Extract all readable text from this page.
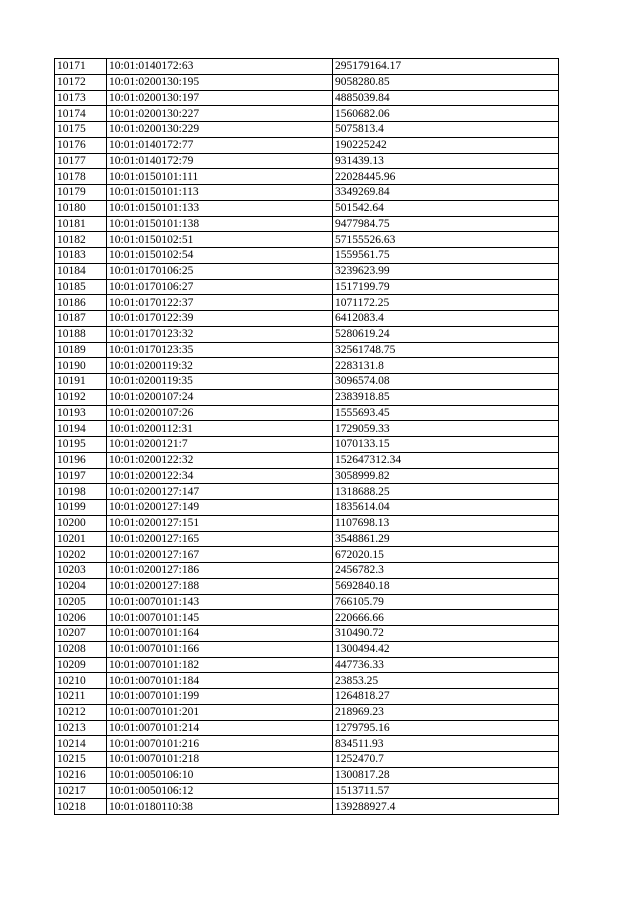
10171	10:01:0140172:63	295179164.17
10172	10:01:0200130:195	9058280.85
10173	10:01:0200130:197	4885039.84
10174	10:01:0200130:227	1560682.06
10175	10:01:0200130:229	5075813.4
10176	10:01:0140172:77	190225242
10177	10:01:0140172:79	931439.13
10178	10:01:0150101:111	22028445.96
10179	10:01:0150101:113	3349269.84
10180	10:01:0150101:133	501542.64
10181	10:01:0150101:138	9477984.75
10182	10:01:0150102:51	57155526.63
10183	10:01:0150102:54	1559561.75
10184	10:01:0170106:25	3239623.99
10185	10:01:0170106:27	1517199.79
10186	10:01:0170122:37	1071172.25
10187	10:01:0170122:39	6412083.4
10188	10:01:0170123:32	5280619.24
10189	10:01:0170123:35	32561748.75
10190	10:01:0200119:32	2283131.8
10191	10:01:0200119:35	3096574.08
10192	10:01:0200107:24	2383918.85
10193	10:01:0200107:26	1555693.45
10194	10:01:0200112:31	1729059.33
10195	10:01:0200121:7	1070133.15
10196	10:01:0200122:32	152647312.34
10197	10:01:0200122:34	3058999.82
10198	10:01:0200127:147	1318688.25
10199	10:01:0200127:149	1835614.04
10200	10:01:0200127:151	1107698.13
10201	10:01:0200127:165	3548861.29
10202	10:01:0200127:167	672020.15
10203	10:01:0200127:186	2456782.3
10204	10:01:0200127:188	5692840.18
10205	10:01:0070101:143	766105.79
10206	10:01:0070101:145	220666.66
10207	10:01:0070101:164	310490.72
10208	10:01:0070101:166	1300494.42
10209	10:01:0070101:182	447736.33
10210	10:01:0070101:184	23853.25
10211	10:01:0070101:199	1264818.27
10212	10:01:0070101:201	218969.23
10213	10:01:0070101:214	1279795.16
10214	10:01:0070101:216	834511.93
10215	10:01:0070101:218	1252470.7
10216	10:01:0050106:10	1300817.28
10217	10:01:0050106:12	1513711.57
10218	10:01:0180110:38	139288927.4
